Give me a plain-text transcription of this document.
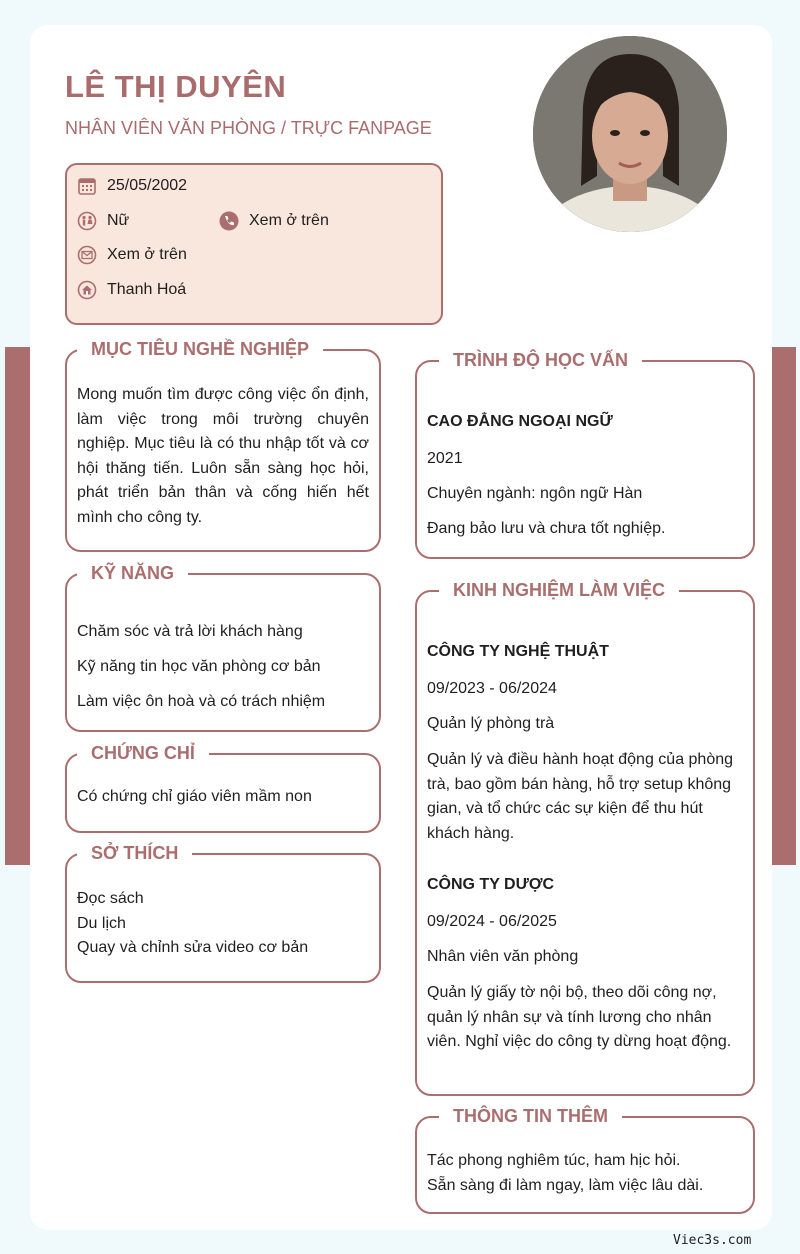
LÊ THỊ DUYÊN
NHÂN VIÊN VĂN PHÒNG / TRỰC FANPAGE
25/05/2002
Nữ	Xem ở trên
Xem ở trên
Thanh Hoá
MỤC TIÊU NGHỀ NGHIỆP
Mong muốn tìm được công việc ổn định, làm việc trong môi trường chuyên nghiệp. Mục tiêu là có thu nhập tốt và cơ hội thăng tiến. Luôn sẵn sàng học hỏi, phát triển bản thân và cống hiến hết mình cho công ty.
KỸ NĂNG
Chăm sóc và trả lời khách hàng
Kỹ năng tin học văn phòng cơ bản
Làm việc ôn hoà và có trách nhiệm
CHỨNG CHỈ
Có chứng chỉ giáo viên mầm non
SỞ THÍCH
Đọc sách
Du lịch
Quay và chỉnh sửa video cơ bản
TRÌNH ĐỘ HỌC VẤN
CAO ĐẲNG NGOẠI NGỮ
2021
Chuyên ngành: ngôn ngữ Hàn
Đang bảo lưu và chưa tốt nghiệp.
KINH NGHIỆM LÀM VIỆC
CÔNG TY NGHỆ THUẬT
09/2023 - 06/2024
Quản lý phòng trà
Quản lý và điều hành hoạt động của phòng trà, bao gồm bán hàng, hỗ trợ setup không gian, và tổ chức các sự kiện để thu hút khách hàng.
CÔNG TY DƯỢC
09/2024 - 06/2025
Nhân viên văn phòng
Quản lý giấy tờ nội bộ, theo dõi công nợ, quản lý nhân sự và tính lương cho nhân viên. Nghỉ việc do công ty dừng hoạt động.
THÔNG TIN THÊM
Tác phong nghiêm túc, ham hịc hỏi.
Sẵn sàng đi làm ngay, làm việc lâu dài.
Viec3s.com
